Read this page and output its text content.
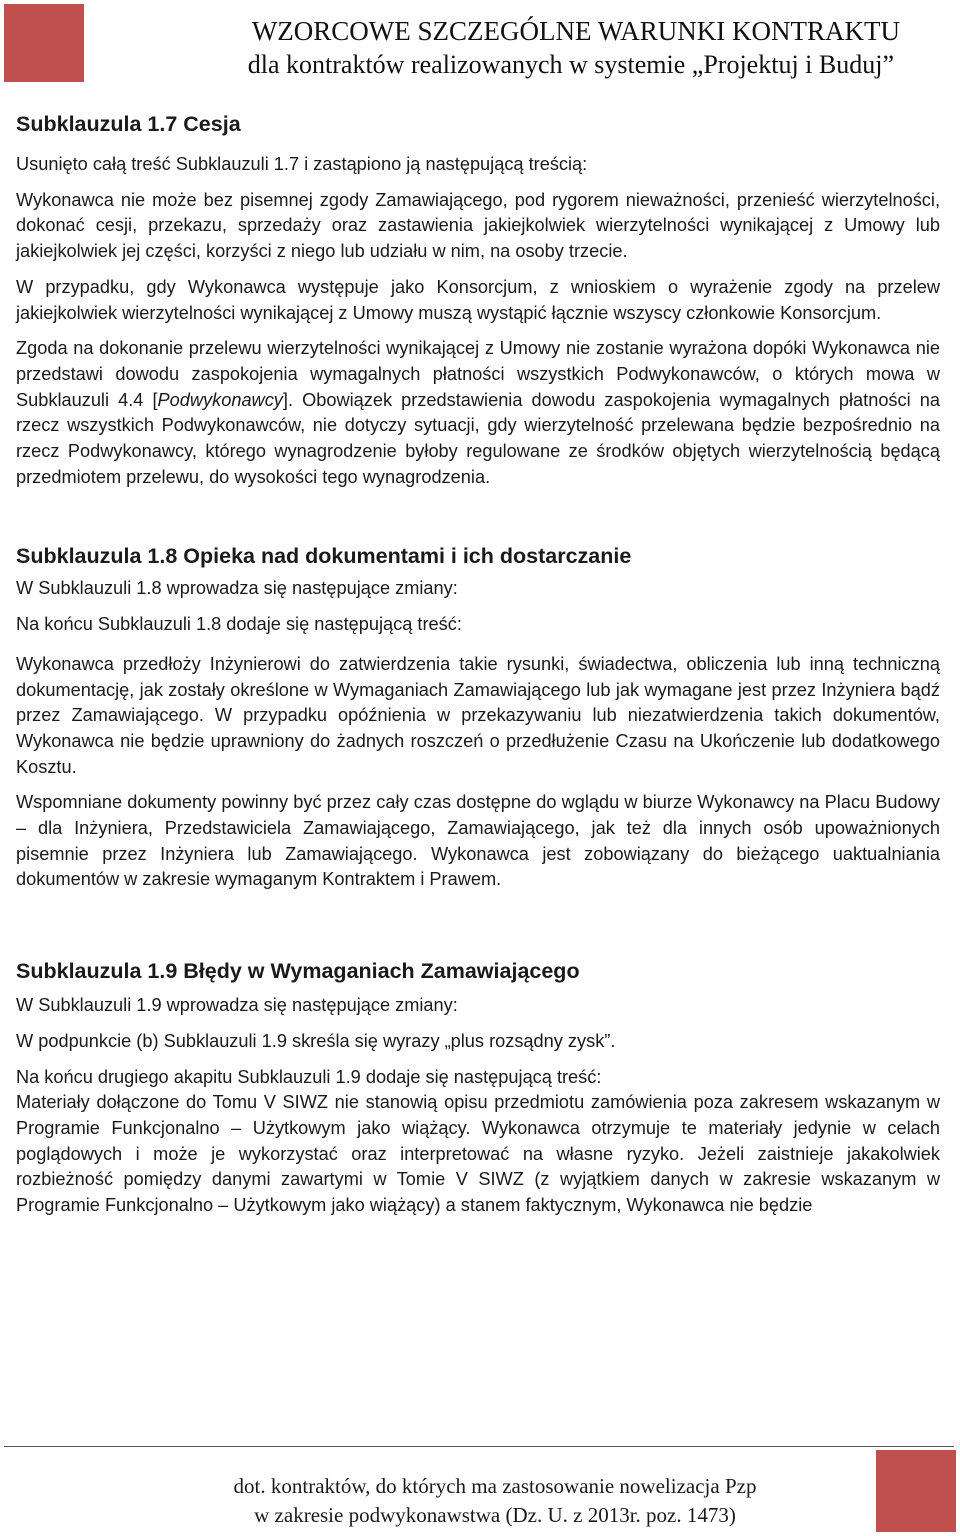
WZORCOWE SZCZEGÓLNE WARUNKI KONTRAKTU
dla kontraktów realizowanych w systemie „Projektuj i Buduj”
Subklauzula 1.7 Cesja

Usunięto całą treść Subklauzuli 1.7 i zastąpiono ją następującą treścią:

Wykonawca nie może bez pisemnej zgody Zamawiającego, pod rygorem nieważności, przenieść wierzytelności, dokonać cesji, przekazu, sprzedaży oraz zastawienia jakiejkolwiek wierzytelności wynikającej z Umowy lub jakiejkolwiek jej części, korzyści z niego lub udziału w nim, na osoby trzecie.

W przypadku, gdy Wykonawca występuje jako Konsorcjum, z wnioskiem o wyrażenie zgody na przelew jakiejkolwiek wierzytelności wynikającej z Umowy muszą wystąpić łącznie wszyscy członkowie Konsorcjum.

Zgoda na dokonanie przelewu wierzytelności wynikającej z Umowy nie zostanie wyrażona dopóki Wykonawca nie przedstawi dowodu zaspokojenia wymagalnych płatności wszystkich Podwykonawców, o których mowa w Subklauzuli 4.4 [Podwykonawcy]. Obowiązek przedstawienia dowodu zaspokojenia wymagalnych płatności na rzecz wszystkich Podwykonawców, nie dotyczy sytuacji, gdy wierzytelność przelewana będzie bezpośrednio na rzecz Podwykonawcy, którego wynagrodzenie byłoby regulowane ze środków objętych wierzytelnością będącą przedmiotem przelewu, do wysokości tego wynagrodzenia.

Subklauzula 1.8 Opieka nad dokumentami i ich dostarczanie

W Subklauzuli 1.8 wprowadza się następujące zmiany:

Na końcu Subklauzuli 1.8 dodaje się następującą treść:

Wykonawca przedłoży Inżynierowi do zatwierdzenia takie rysunki, świadectwa, obliczenia lub inną techniczną dokumentację, jak zostały określone w Wymaganiach Zamawiającego lub jak wymagane jest przez Inżyniera bądź przez Zamawiającego. W przypadku opóźnienia w przekazywaniu lub niezatwierdzenia takich dokumentów, Wykonawca nie będzie uprawniony do żadnych roszczeń o przedłużenie Czasu na Ukończenie lub dodatkowego Kosztu.

Wspomniane dokumenty powinny być przez cały czas dostępne do wglądu w biurze Wykonawcy na Placu Budowy – dla Inżyniera, Przedstawiciela Zamawiającego, Zamawiającego, jak też dla innych osób upoważnionych pisemnie przez Inżyniera lub Zamawiającego. Wykonawca jest zobowiązany do bieżącego uaktualniania dokumentów w zakresie wymaganym Kontraktem i Prawem.

Subklauzula 1.9 Błędy w Wymaganiach Zamawiającego

W Subklauzuli 1.9 wprowadza się następujące zmiany:

W podpunkcie (b) Subklauzuli 1.9 skreśla się wyrazy „plus rozsądny zysk”.

Na końcu drugiego akapitu Subklauzuli 1.9 dodaje się następującą treść:

Materiały dołączone do Tomu V SIWZ nie stanowią opisu przedmiotu zamówienia poza zakresem wskazanym w Programie Funkcjonalno – Użytkowym jako wiążący. Wykonawca otrzymuje te materiały jedynie w celach poglądowych i może je wykorzystać oraz interpretować na własne ryzyko. Jeżeli zaistnieje jakakolwiek rozbieżność pomiędzy danymi zawartymi w Tomie V SIWZ (z wyjątkiem danych w zakresie wskazanym w Programie Funkcjonalno – Użytkowym jako wiążący) a stanem faktycznym, Wykonawca nie będzie

dot. kontraktów, do których ma zastosowanie nowelizacja Pzp
w zakresie podwykonawstwa (Dz. U. z 2013r. poz. 1473)
